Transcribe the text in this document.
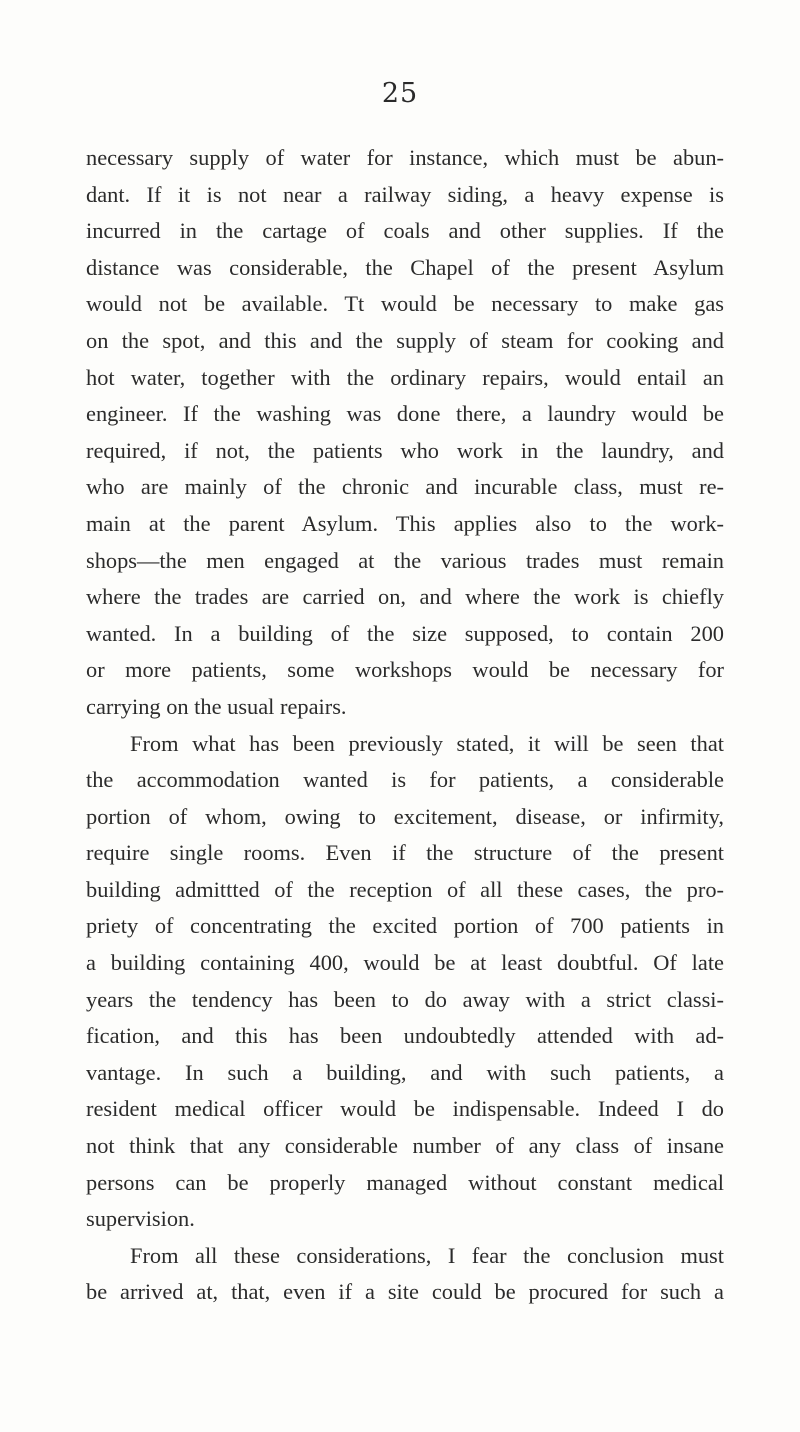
25
necessary supply of water for instance, which must be abun-
dant. If it is not near a railway siding, a heavy expense is
incurred in the cartage of coals and other supplies. If the
distance was considerable, the Chapel of the present Asylum
would not be available. Tt would be necessary to make gas
on the spot, and this and the supply of steam for cooking and
hot water, together with the ordinary repairs, would entail an
engineer. If the washing was done there, a laundry would be
required, if not, the patients who work in the laundry, and
who are mainly of the chronic and incurable class, must re-
main at the parent Asylum. This applies also to the work-
shops—the men engaged at the various trades must remain
where the trades are carried on, and where the work is chiefly
wanted. In a building of the size supposed, to contain 200
or more patients, some workshops would be necessary for
carrying on the usual repairs.
From what has been previously stated, it will be seen that
the accommodation wanted is for patients, a considerable
portion of whom, owing to excitement, disease, or infirmity,
require single rooms. Even if the structure of the present
building admittted of the reception of all these cases, the pro-
priety of concentrating the excited portion of 700 patients in
a building containing 400, would be at least doubtful. Of late
years the tendency has been to do away with a strict classi-
fication, and this has been undoubtedly attended with ad-
vantage. In such a building, and with such patients, a
resident medical officer would be indispensable. Indeed I do
not think that any considerable number of any class of insane
persons can be properly managed without constant medical
supervision.
From all these considerations, I fear the conclusion must
be arrived at, that, even if a site could be procured for such a
